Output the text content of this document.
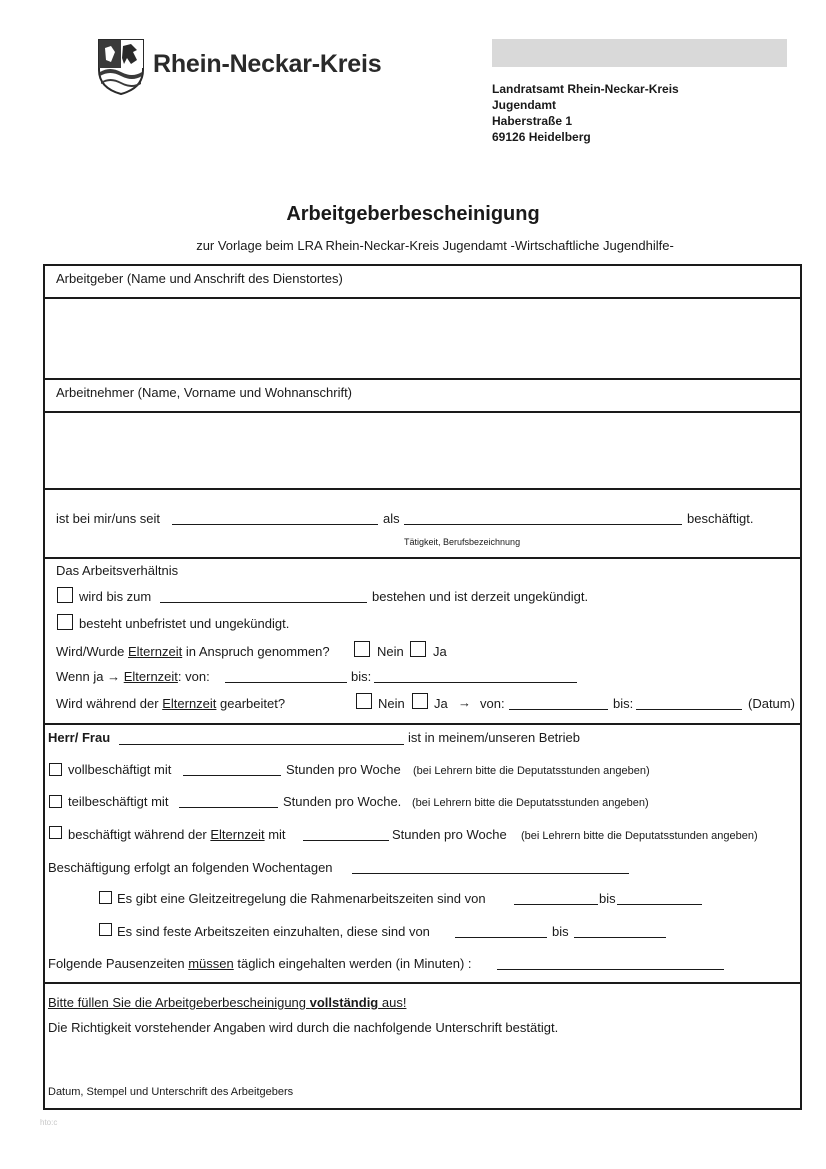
Rhein-Neckar-Kreis
Landratsamt Rhein-Neckar-Kreis
Jugendamt
Haberstraße 1
69126 Heidelberg
Arbeitgeberbescheinigung
zur Vorlage beim LRA Rhein-Neckar-Kreis Jugendamt -Wirtschaftliche Jugendhilfe-
Arbeitgeber (Name und Anschrift des Dienstortes)
Arbeitnehmer (Name, Vorname und Wohnanschrift)
ist bei mir/uns seit	als	beschäftigt.
Tätigkeit, Berufsbezeichnung
Das Arbeitsverhältnis
wird bis zum	bestehen und ist derzeit ungekündigt.
besteht unbefristet und ungekündigt.
Wird/Wurde Elternzeit in Anspruch genommen?	Nein Ja
Wenn ja → Elternzeit: von:	bis:
Wird während der Elternzeit gearbeitet?	Nein Ja → von:	bis:	(Datum)
Herr/ Frau	ist in meinem/unseren Betrieb
vollbeschäftigt mit	Stunden pro Woche (bei Lehrern bitte die Deputatsstunden angeben)
teilbeschäftigt mit	Stunden pro Woche. (bei Lehrern bitte die Deputatsstunden angeben)
beschäftigt während der Elternzeit mit	Stunden pro Woche (bei Lehrern bitte die Deputatsstunden angeben)
Beschäftigung erfolgt an folgenden Wochentagen
Es gibt eine Gleitzeitregelung die Rahmenarbeitszeiten sind von	bis
Es sind feste Arbeitszeiten einzuhalten, diese sind von	bis
Folgende Pausenzeiten müssen täglich eingehalten werden (in Minuten) :
Bitte füllen Sie die Arbeitgeberbescheinigung vollständig aus!
Die Richtigkeit vorstehender Angaben wird durch die nachfolgende Unterschrift bestätigt.
Datum, Stempel und Unterschrift des Arbeitgebers
hto:c
